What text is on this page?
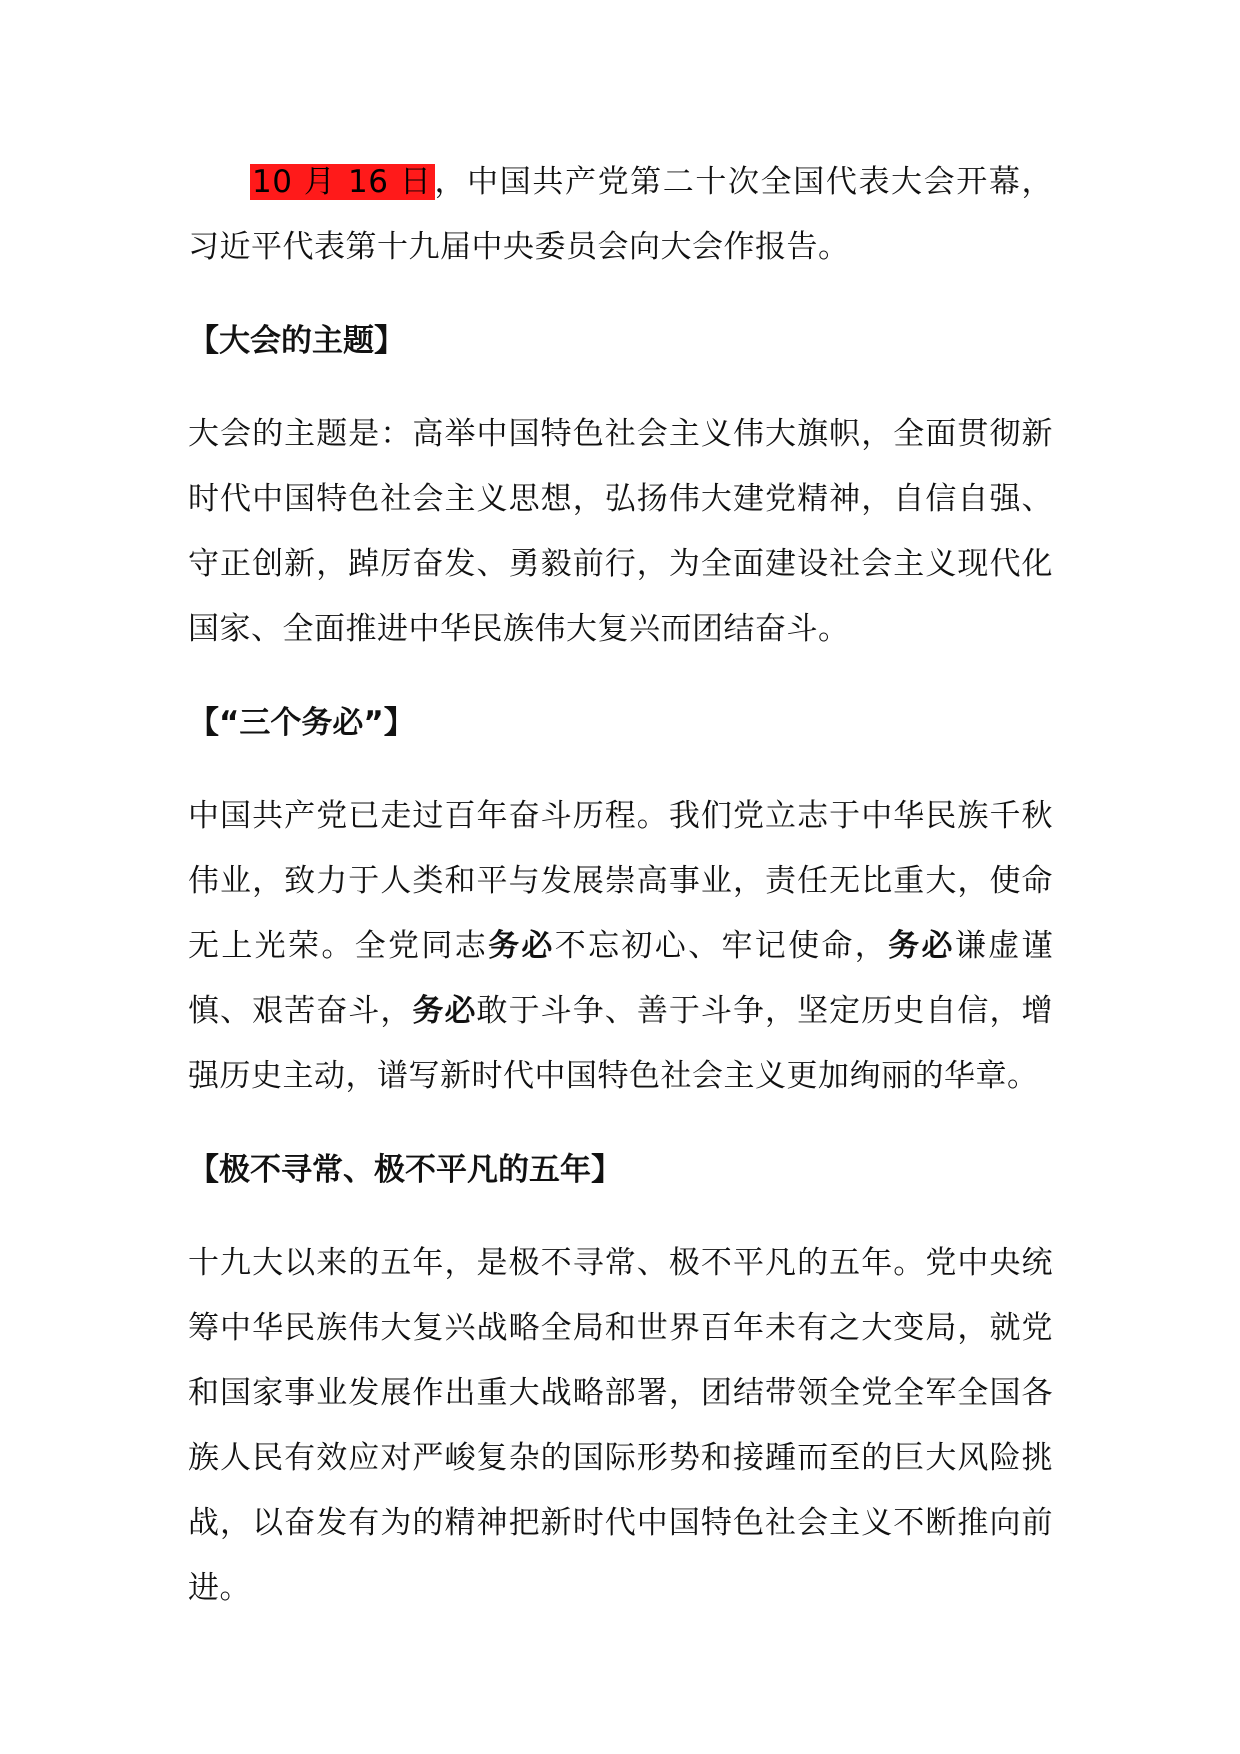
10 月 16 日，中国共产党第二十次全国代表大会开幕，习近平代表第十九届中央委员会向大会作报告。

【大会的主题】

大会的主题是：高举中国特色社会主义伟大旗帜，全面贯彻新时代中国特色社会主义思想，弘扬伟大建党精神，自信自强、守正创新，踔厉奋发、勇毅前行，为全面建设社会主义现代化国家、全面推进中华民族伟大复兴而团结奋斗。

【“三个务必”】

中国共产党已走过百年奋斗历程。我们党立志于中华民族千秋伟业，致力于人类和平与发展崇高事业，责任无比重大，使命无上光荣。全党同志务必不忘初心、牢记使命，务必谦虚谨慎、艰苦奋斗，务必敢于斗争、善于斗争，坚定历史自信，增强历史主动，谱写新时代中国特色社会主义更加绚丽的华章。

【极不寻常、极不平凡的五年】

十九大以来的五年，是极不寻常、极不平凡的五年。党中央统筹中华民族伟大复兴战略全局和世界百年未有之大变局，就党和国家事业发展作出重大战略部署，团结带领全党全军全国各族人民有效应对严峻复杂的国际形势和接踵而至的巨大风险挑战，以奋发有为的精神把新时代中国特色社会主义不断推向前进。
